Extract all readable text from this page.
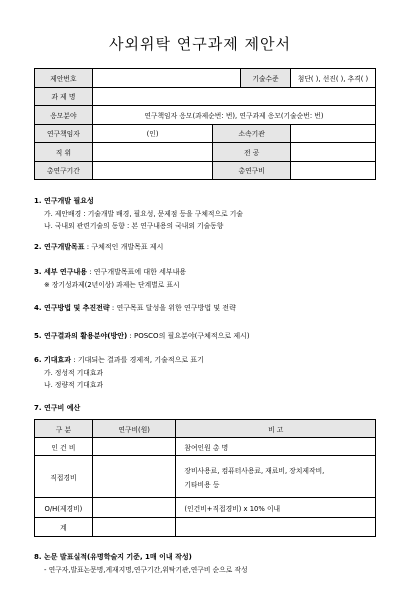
사외위탁 연구과제 제안서
제안번호			기술수준	첨단( ), 선진( ), 추격( )
과 제 명				
응모분야	연구책임자 응모(과제순번: 번), 연구과제 응모(기술순번: 번)			
연구책임자	(인)	소속기관		
직 위		전 공		
총연구기간		총연구비		
1. 연구개발 필요성
가. 제안배경 : 기술개발 배경, 필요성, 문제점 등을 구체적으로 기술
나. 국내외 관련기술의 동향 : 본 연구내용의 국내외 기술동향
2. 연구개발목표 : 구체적인 개발목표 제시
3. 세부 연구내용 : 연구개발목표에 대한 세부내용
※ 장기성과제(2년이상) 과제는 단계별로 표시
4. 연구방법 및 추진전략 : 연구목표 달성을 위한 연구방법 및 전략
5. 연구결과의 활용분야(방안) : POSCO의 필요분야(구체적으로 제시)
6. 기대효과 : 기대되는 결과를 경제적, 기술적으로 표기
가. 정성적 기대효과
나. 정량적 기대효과
7. 연구비 예산
구 분	연구비(원)	비 고
인 건 비		참여인원 총 명
직접경비		장비사용료, 컴퓨터사용료, 재료비, 장치제작비,
기타비용 등

O/H(제경비)		(인건비+직접경비) x 10% 이내
계		
8. 논문 발표실적(유명학술지 기준, 1매 이내 작성)
- 연구자,발표논문명,게재지명,연구기간,위탁기관,연구비 순으로 작성
